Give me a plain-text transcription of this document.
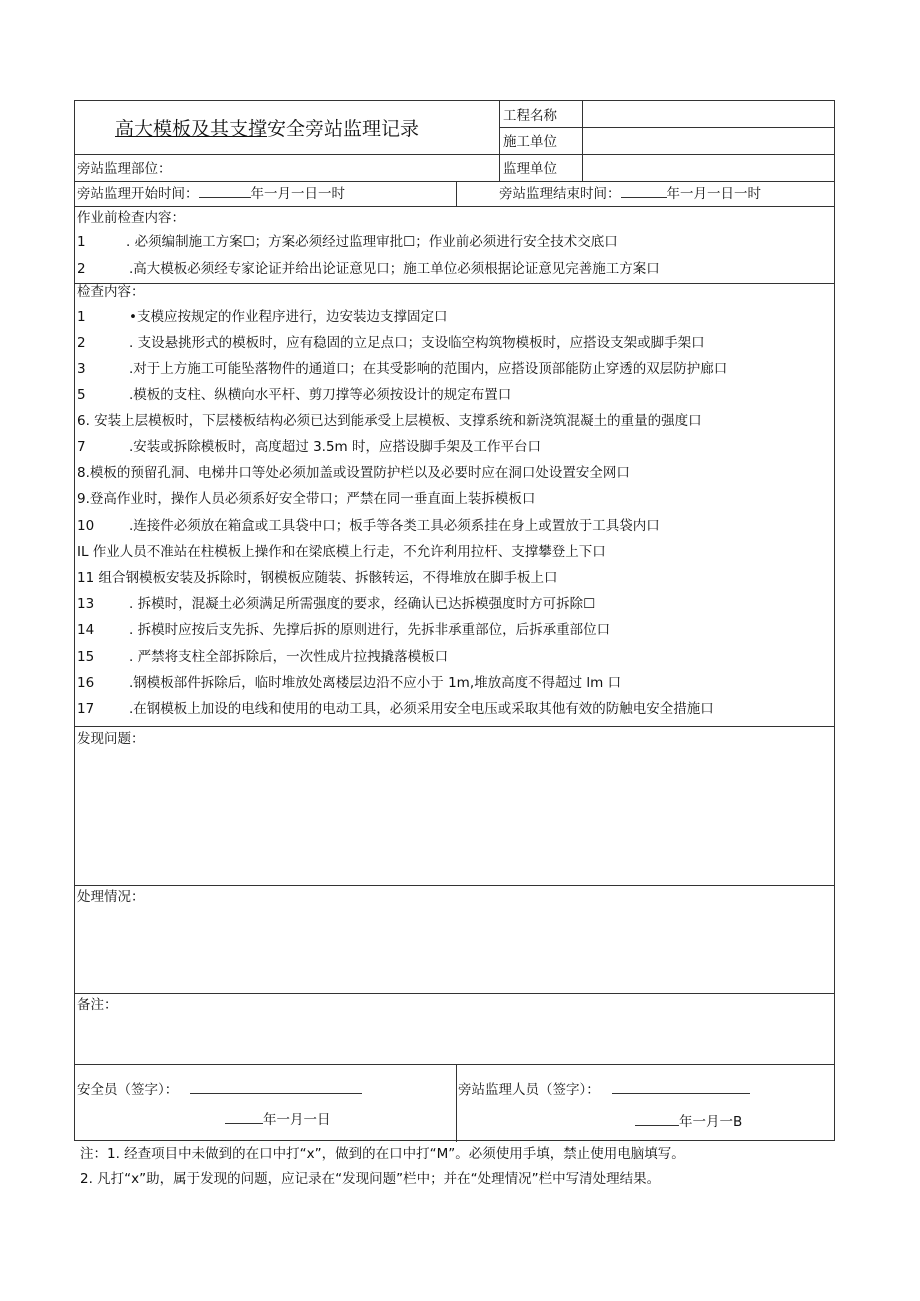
高大模板及其支撑安全旁站监理记录
工程名称
施工单位
旁站监理部位：	监理单位
旁站监理开始时间：	年一月一日一时	旁站监理结束时间：	年一月一日一时
作业前检查内容：
1	. 必须编制施工方案☐；方案必须经过监理审批☐；作业前必须进行安全技术交底口
2	.高大模板必须经专家论证并给出论证意见口；施工单位必须根据论证意见完善施工方案口
检查内容：
1	•支模应按规定的作业程序进行，边安装边支撑固定口
2	. 支设悬挑形式的模板时，应有稳固的立足点口；支设临空构筑物模板时，应搭设支架或脚手架口
3	.对于上方施工可能坠落物件的通道口；在其受影响的范围内，应搭设顶部能防止穿透的双层防护廊口
5	.模板的支柱、纵横向水平杆、剪刀撑等必须按设计的规定布置口
6. 安装上层模板时，下层楼板结构必须已达到能承受上层模板、支撑系统和新浇筑混凝土的重量的强度口
7	.安装或拆除模板时，高度超过 3.5m 时，应搭设脚手架及工作平台口
8.模板的预留孔洞、电梯井口等处必须加盖或设置防护栏以及必要时应在洞口处设置安全网口
9.登高作业时，操作人员必须系好安全带口；严禁在同一垂直面上装拆模板口
10	.连接件必须放在箱盒或工具袋中口；板手等各类工具必须系挂在身上或置放于工具袋内口
IL 作业人员不准站在柱模板上操作和在梁底模上行走，不允许利用拉杆、支撑攀登上下口
11 组合钢模板安装及拆除时，钢模板应随装、拆骸转运，不得堆放在脚手板上口
13	. 拆模时，混凝土必须满足所需强度的要求，经确认已达拆模强度时方可拆除☐
14	. 拆模时应按后支先拆、先撑后拆的原则进行，先拆非承重部位，后拆承重部位口
15	. 严禁将支柱全部拆除后，一次性成片拉拽撬落模板口
16	.钢模板部件拆除后，临时堆放处离楼层边沿不应小于 1m,堆放高度不得超过 lm 口
17	.在钢模板上加设的电线和使用的电动工具，必须采用安全电压或采取其他有效的防触电安全措施口
发现问题：
处理情况：
备注：
安全员（签字）：
年一月一日
旁站监理人员（签字）：
年一月一B
注：1. 经查项目中未做到的在口中打“x”，做到的在口中打“M”。必须使用手填，禁止使用电脑填写。
2. 凡打“x”助，属于发现的问题，应记录在“发现问题”栏中；并在“处理情况”栏中写清处理结果。
